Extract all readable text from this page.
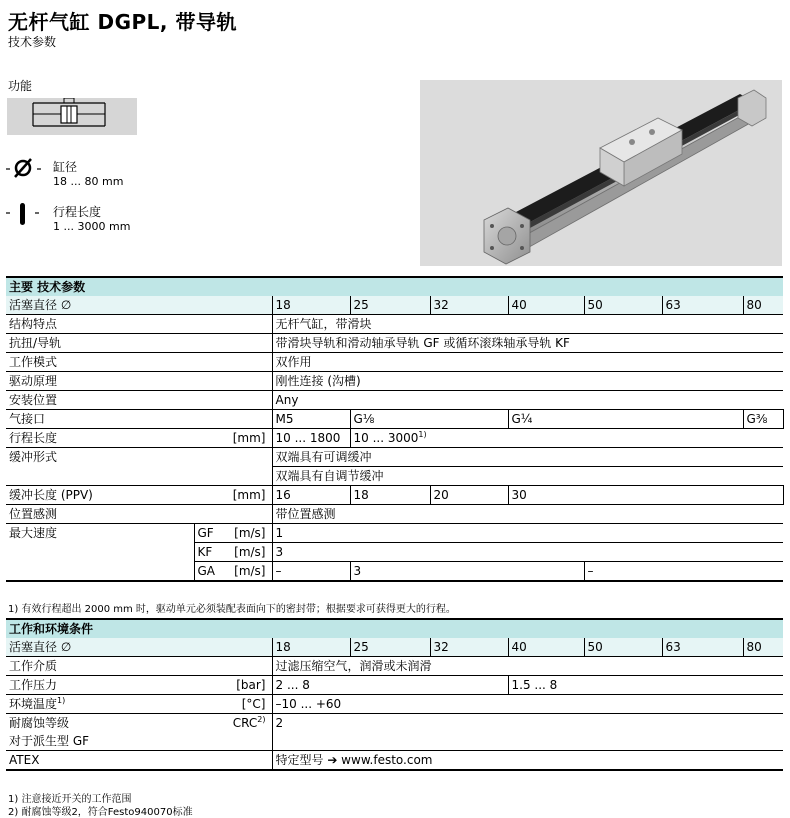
无杆气缸 DGPL, 带导轨
技术参数
功能
缸径
18 ... 80 mm
行程长度
1 ... 3000 mm
主要 技术参数										
活塞直径 ∅			18	25	32	40	50	63	80	
结构特点			无杆气缸，带滑块							
抗扭/导轨			带滑块导轨和滑动轴承导轨 GF 或循环滚珠轴承导轨 KF							
工作模式			双作用							
驱动原理			刚性连接 (沟槽)							
安装位置			Any							
气接口			M5	G⅛		G¼			G⅜	
行程长度		[mm]	10 ... 1800	10 ... 3000$^{1)}$
缓冲形式			双端具有可调缓冲							
			双端具有自调节缓冲							
缓冲长度 (PPV)		[mm]	16	18	20	30	
位置感测			带位置感测							
最大速度	GF	[m/s]	1							
	KF	[m/s]	3							
	GA	[m/s]	–	3			–			
1) 有效行程超出 2000 mm 时，驱动单元必须装配表面向下的密封带；根据要求可获得更大的行程。
工作和环境条件								
活塞直径 ∅		18	25	32	40	50	63	80
工作介质		过滤压缩空气，润滑或未润滑						
工作压力	[bar]	2 ... 8			1.5 ... 8			
环境温度$^{1)}$	[°C]	–10 ... +60						
耐腐蚀等级	CRC$^{2)}$	2						
对于派生型 GF								
ATEX		特定型号 ➔ www.festo.com						
1) 注意接近开关的工作范围
2) 耐腐蚀等级2，符合Festo940070标准
